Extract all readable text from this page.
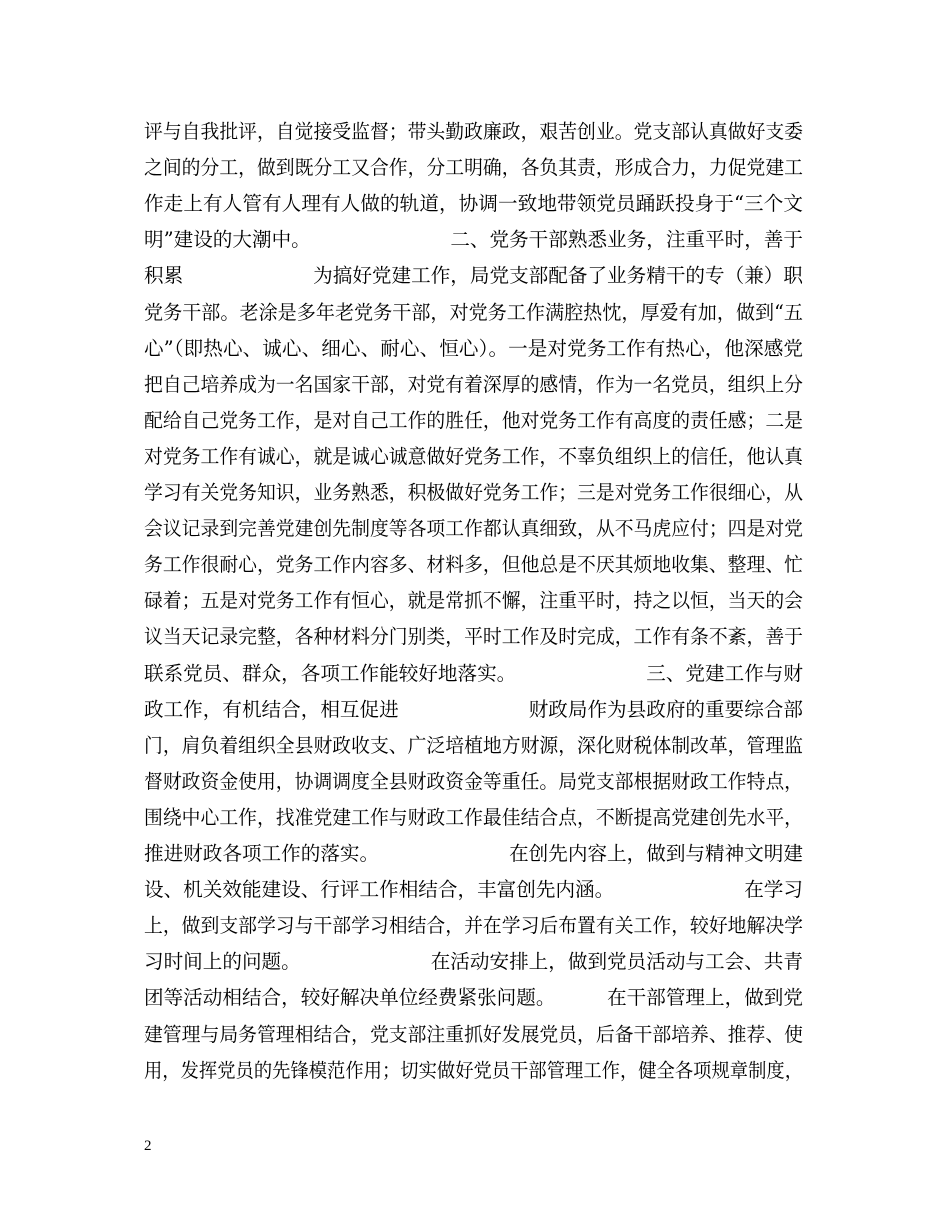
评与自我批评，自觉接受监督；带头勤政廉政，艰苦创业。党支部认真做好支委
之间的分工，做到既分工又合作，分工明确，各负其责，形成合力，力促党建工
作走上有人管有人理有人做的轨道，协调一致地带领党员踊跃投身于“三个文
明”建设的大潮中。	二、党务干部熟悉业务，注重平时，善于
积累	为搞好党建工作，局党支部配备了业务精干的专（兼）职
党务干部。老涂是多年老党务干部，对党务工作满腔热忱，厚爱有加，做到“五
心”（即热心、诚心、细心、耐心、恒心）。一是对党务工作有热心，他深感党
把自己培养成为一名国家干部，对党有着深厚的感情，作为一名党员，组织上分
配给自己党务工作，是对自己工作的胜任，他对党务工作有高度的责任感；二是
对党务工作有诚心，就是诚心诚意做好党务工作，不辜负组织上的信任，他认真
学习有关党务知识，业务熟悉，积极做好党务工作；三是对党务工作很细心，从
会议记录到完善党建创先制度等各项工作都认真细致，从不马虎应付；四是对党
务工作很耐心，党务工作内容多、材料多，但他总是不厌其烦地收集、整理、忙
碌着；五是对党务工作有恒心，就是常抓不懈，注重平时，持之以恒，当天的会
议当天记录完整，各种材料分门别类，平时工作及时完成，工作有条不紊，善于
联系党员、群众，各项工作能较好地落实。	三、党建工作与财
政工作，有机结合，相互促进	财政局作为县政府的重要综合部
门，肩负着组织全县财政收支、广泛培植地方财源，深化财税体制改革，管理监
督财政资金使用，协调调度全县财政资金等重任。局党支部根据财政工作特点，
围绕中心工作，找准党建工作与财政工作最佳结合点，不断提高党建创先水平，
推进财政各项工作的落实。	在创先内容上，做到与精神文明建
设、机关效能建设、行评工作相结合，丰富创先内涵。	在学习
上，做到支部学习与干部学习相结合，并在学习后布置有关工作，较好地解决学
习时间上的问题。	在活动安排上，做到党员活动与工会、共青
团等活动相结合，较好解决单位经费紧张问题。	在干部管理上，做到党
建管理与局务管理相结合，党支部注重抓好发展党员，后备干部培养、推荐、使
用，发挥党员的先锋模范作用；切实做好党员干部管理工作，健全各项规章制度，
2
